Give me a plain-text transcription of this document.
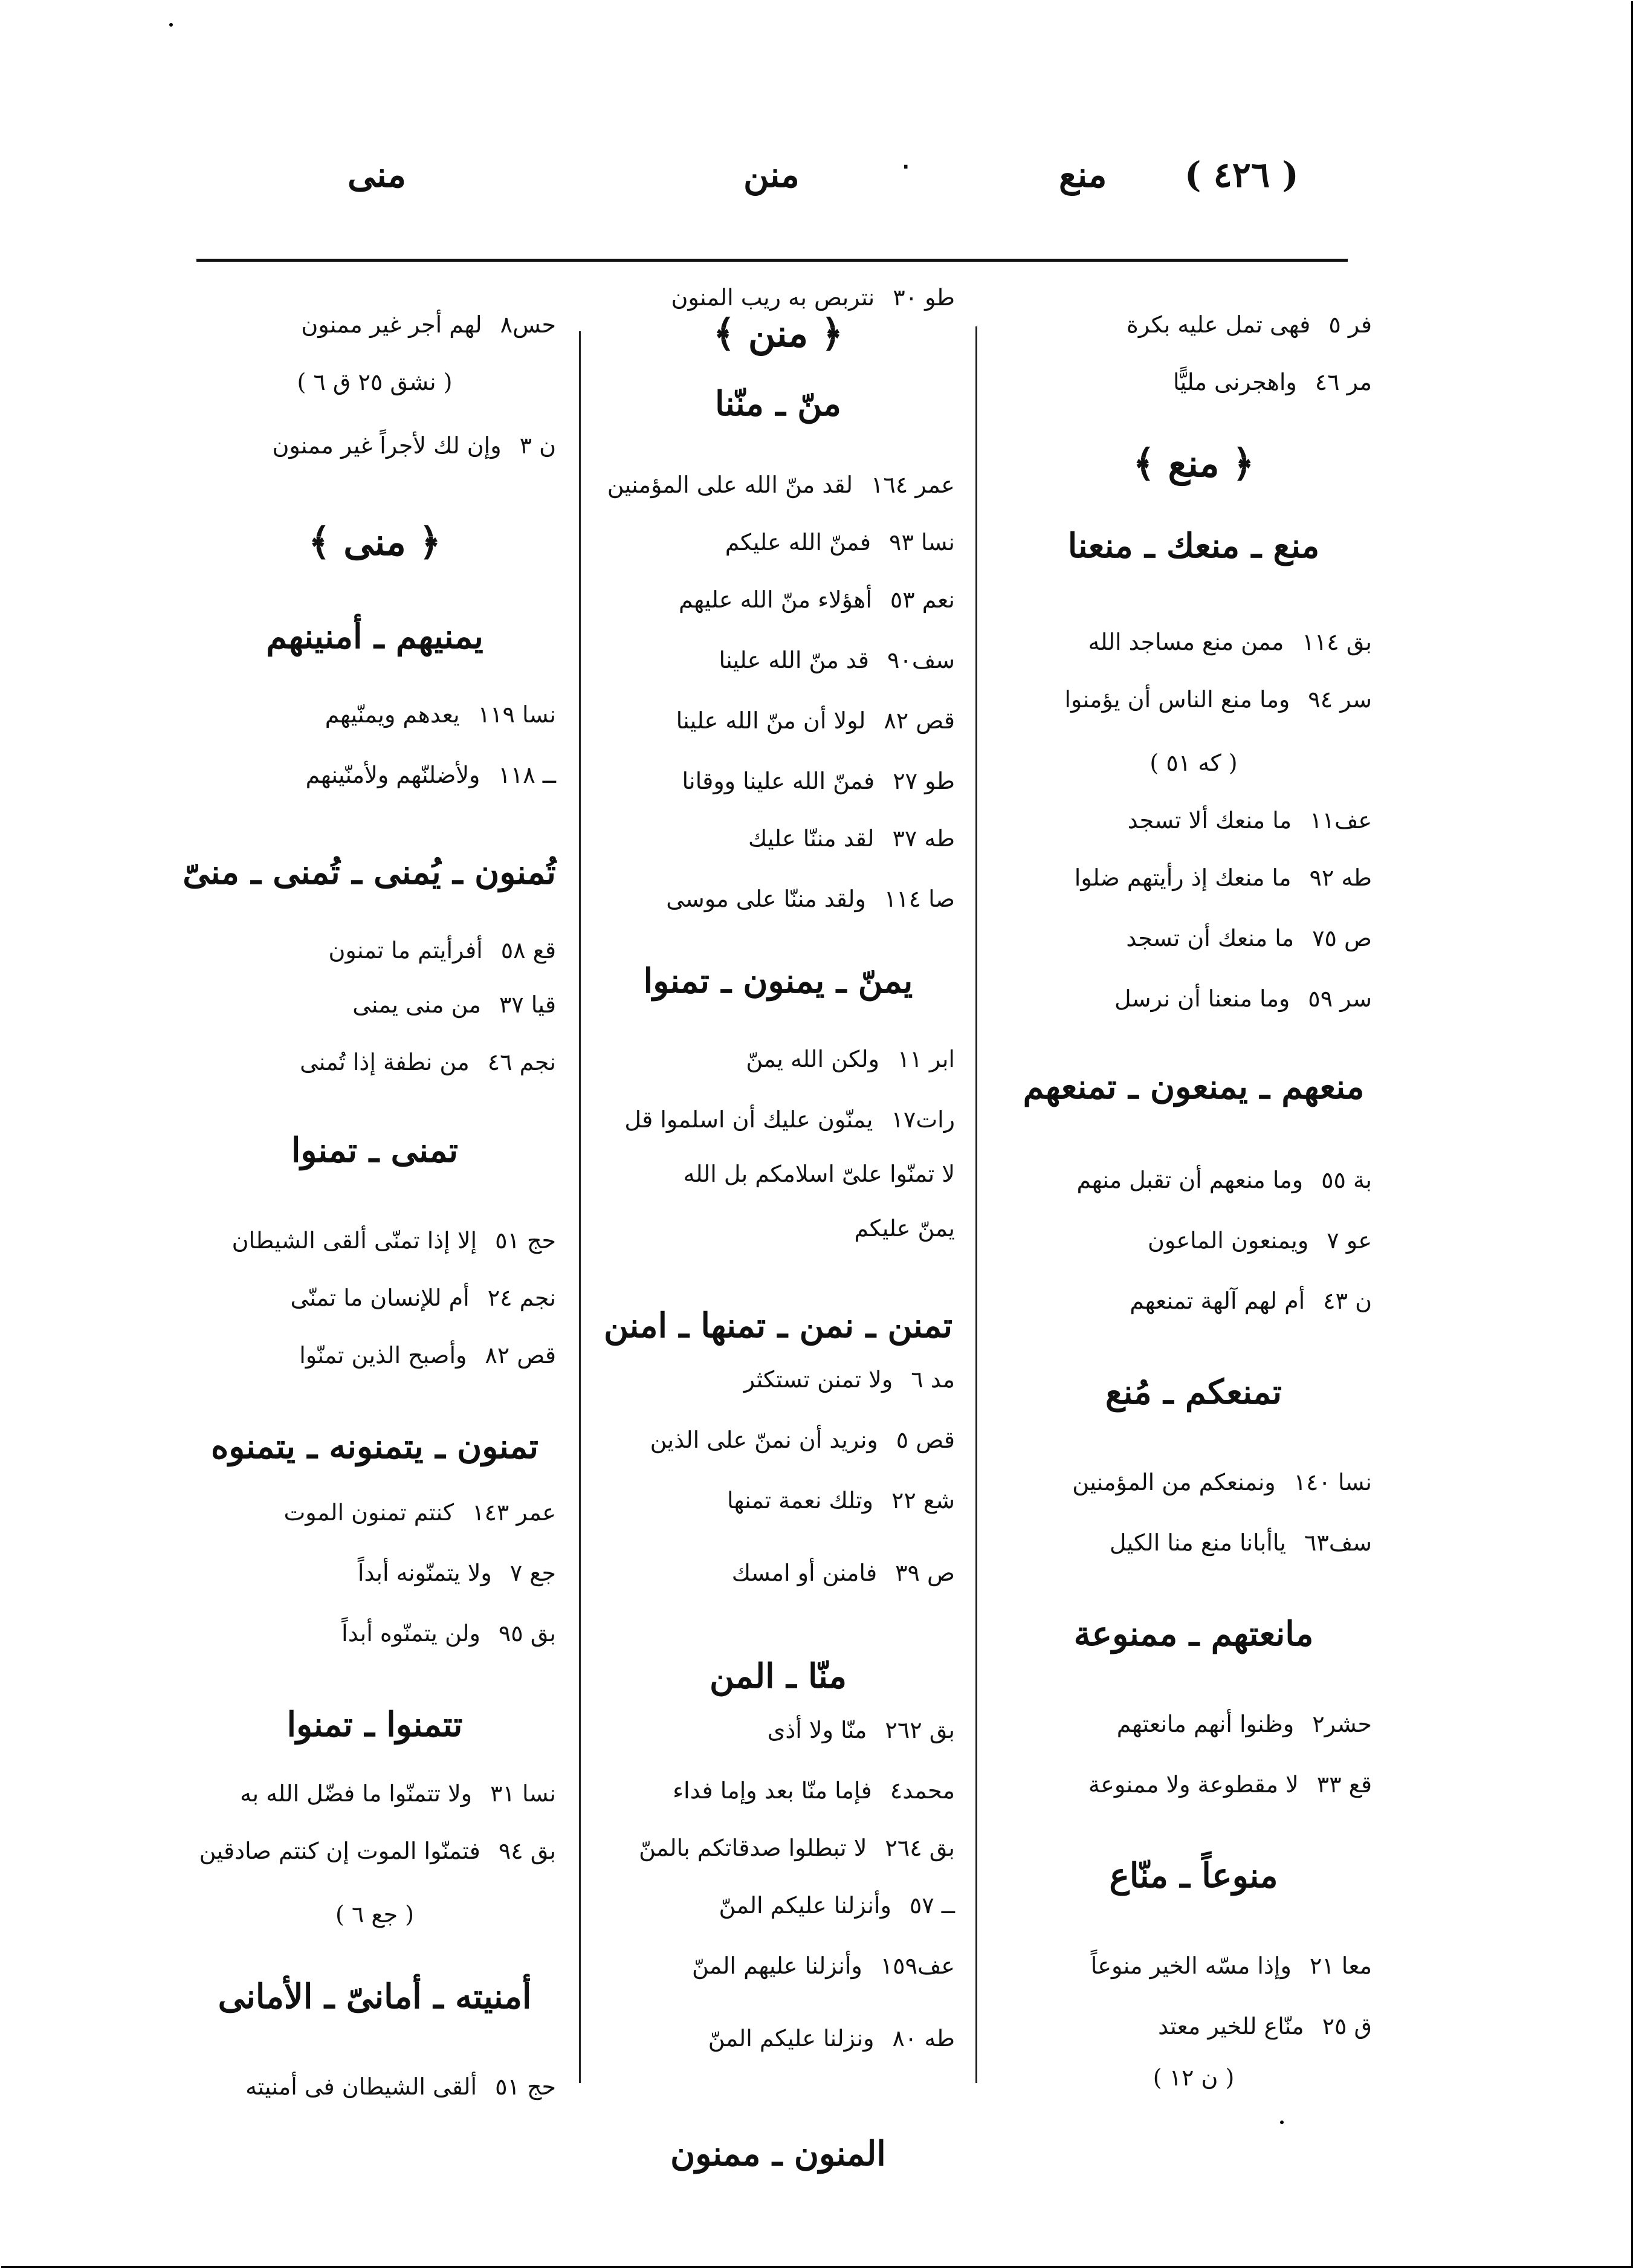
( ٤٢٦ )
منع
منن
منى	٠
فر ٥فهى تمل عليه بكرة
مر ٤٦واهجرنى مليًّا
﴿ منع ﴾
منع ـ منعك ـ منعنا
بق ١١٤ممن منع مساجد الله
سر ٩٤وما منع الناس أن يؤمنوا
( كه ٥١ )
عف١١ما منعك ألا تسجد
طه ٩٢ما منعك إذ رأيتهم ضلوا
ص ٧٥ما منعك أن تسجد
سر ٥٩وما منعنا أن نرسل
منعهم ـ يمنعون ـ تمنعهم
بة ٥٥وما منعهم أن تقبل منهم
عو ٧ويمنعون الماعون
ن ٤٣أم لهم آلهة تمنعهم
تمنعكم ـ مُنع
نسا ١٤٠ونمنعكم من المؤمنين
سف٦٣ياأبانا منع منا الكيل
مانعتهم ـ ممنوعة
حشر٢وظنوا أنهم مانعتهم
قع ٣٣لا مقطوعة ولا ممنوعة
منوعاً ـ منّاع
معا ٢١وإذا مسّه الخير منوعاً
ق ٢٥منّاع للخير معتد
( ن ١٢ )
﴿ منن ﴾
منّ ـ منّنا
عمر ١٦٤لقد منّ الله على المؤمنين
نسا ٩٣فمنّ الله عليكم
نعم ٥٣أهؤلاء منّ الله عليهم
سف٩٠قد منّ الله علينا
قص ٨٢لولا أن منّ الله علينا
طو ٢٧فمنّ الله علينا ووقانا
طه ٣٧لقد مننّا عليك
صا ١١٤ولقد مننّا على موسى
يمنّ ـ يمنون ـ تمنوا
ابر ١١ولكن الله يمنّ
رات١٧يمنّون عليك أن اسلموا قل
لا تمنّوا علىّ اسلامكم بل الله
يمنّ عليكم
تمنن ـ نمن ـ تمنها ـ امنن
مد ٦ولا تمنن تستكثر
قص ٥ونريد أن نمنّ على الذين
شع ٢٢وتلك نعمة تمنها
ص ٣٩فامنن أو امسك
منّا ـ المن
بق ٢٦٢منّا ولا أذى
محمد٤فإما منّا بعد وإما فداء
بق ٢٦٤لا تبطلوا صدقاتكم بالمنّ
ــ ٥٧وأنزلنا عليكم المنّ
عف١٥٩وأنزلنا عليهم المنّ
طه ٨٠ونزلنا عليكم المنّ
المنون ـ ممنون
طو ٣٠نتربص به ريب المنون
حس٨لهم أجر غير ممنون
( نشق ٢٥ ق ٦ )
ن ٣وإن لك لأجراً غير ممنون
﴿ منى ﴾
يمنيهم ـ أمنينهم
نسا ١١٩يعدهم ويمنّيهم
ــ ١١٨ولأضلنّهم ولأمنّينهم
تُمنون ـ يُمنى ـ تُمنى ـ منىّ
قع ٥٨أفرأيتم ما تمنون
قيا ٣٧من منى يمنى
نجم ٤٦من نطفة إذا تُمنى
تمنى ـ تمنوا
حج ٥١إلا إذا تمنّى ألقى الشيطان
نجم ٢٤أم للإنسان ما تمنّى
قص ٨٢وأصبح الذين تمنّوا
تمنون ـ يتمنونه ـ يتمنوه
عمر ١٤٣كنتم تمنون الموت
جع ٧ولا يتمنّونه أبداً
بق ٩٥ولن يتمنّوه أبداً
تتمنوا ـ تمنوا
نسا ٣١ولا تتمنّوا ما فضّل الله به
بق ٩٤فتمنّوا الموت إن كنتم صادقين
( جع ٦ )
أمنيته ـ أمانىّ ـ الأمانى
حج ٥١ألقى الشيطان فى أمنيته
